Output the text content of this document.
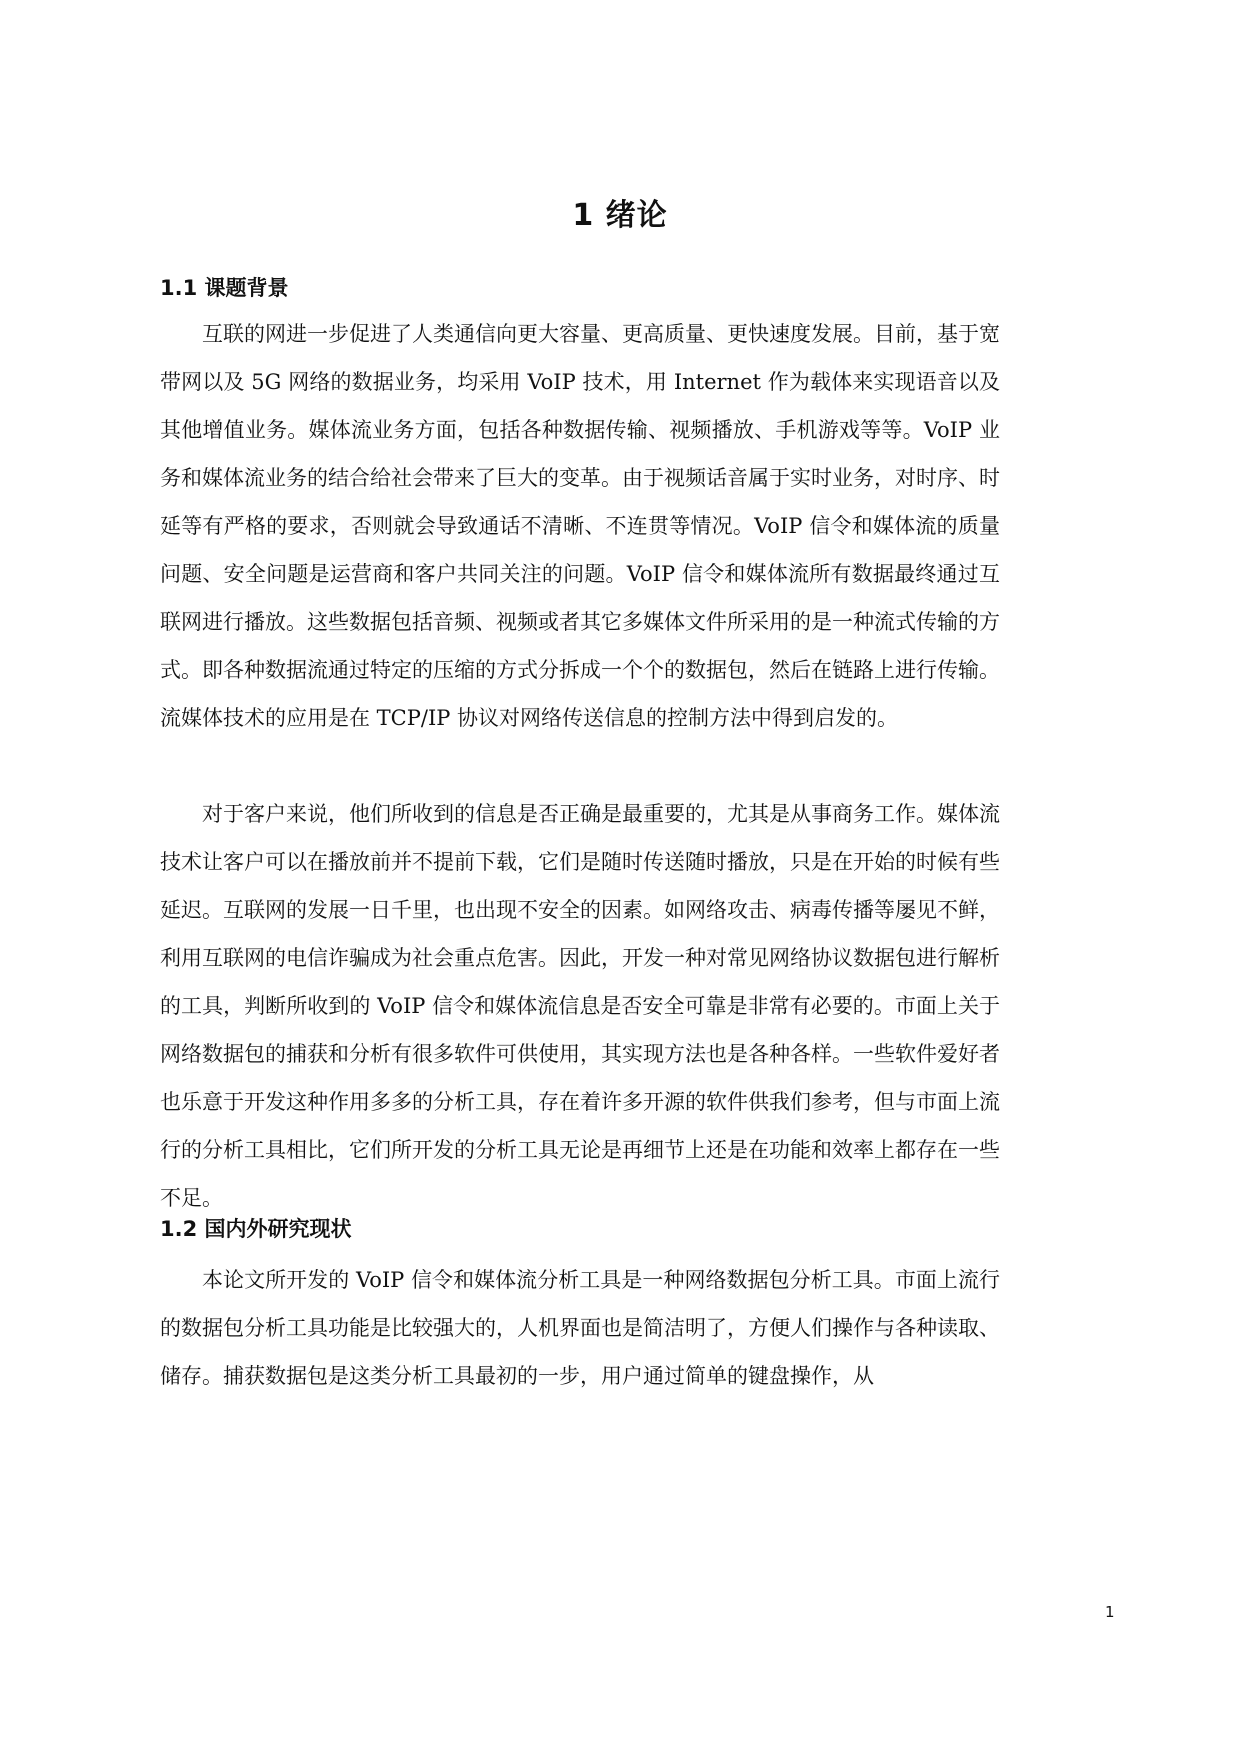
1 绪论
1.1 课题背景

互联的网进一步促进了人类通信向更大容量、更高质量、更快速度发展。目前，基于宽带网以及 5G 网络的数据业务，均采用 VoIP 技术，用 Internet 作为载体来实现语音以及其他增值业务。媒体流业务方面，包括各种数据传输、视频播放、手机游戏等等。VoIP 业务和媒体流业务的结合给社会带来了巨大的变革。由于视频话音属于实时业务，对时序、时延等有严格的要求，否则就会导致通话不清晰、不连贯等情况。VoIP 信令和媒体流的质量问题、安全问题是运营商和客户共同关注的问题。VoIP 信令和媒体流所有数据最终通过互联网进行播放。这些数据包括音频、视频或者其它多媒体文件所采用的是一种流式传输的方式。即各种数据流通过特定的压缩的方式分拆成一个个的数据包，然后在链路上进行传输。流媒体技术的应用是在 TCP/IP 协议对网络传送信息的控制方法中得到启发的。

对于客户来说，他们所收到的信息是否正确是最重要的，尤其是从事商务工作。媒体流技术让客户可以在播放前并不提前下载，它们是随时传送随时播放，只是在开始的时候有些延迟。互联网的发展一日千里，也出现不安全的因素。如网络攻击、病毒传播等屡见不鲜，利用互联网的电信诈骗成为社会重点危害。因此，开发一种对常见网络协议数据包进行解析的工具，判断所收到的 VoIP 信令和媒体流信息是否安全可靠是非常有必要的。市面上关于网络数据包的捕获和分析有很多软件可供使用，其实现方法也是各种各样。一些软件爱好者也乐意于开发这种作用多多的分析工具，存在着许多开源的软件供我们参考，但与市面上流行的分析工具相比，它们所开发的分析工具无论是再细节上还是在功能和效率上都存在一些不足。

1.2 国内外研究现状

本论文所开发的 VoIP 信令和媒体流分析工具是一种网络数据包分析工具。市面上流行的数据包分析工具功能是比较强大的，人机界面也是简洁明了，方便人们操作与各种读取、储存。捕获数据包是这类分析工具最初的一步，用户通过简单的键盘操作，从

1
